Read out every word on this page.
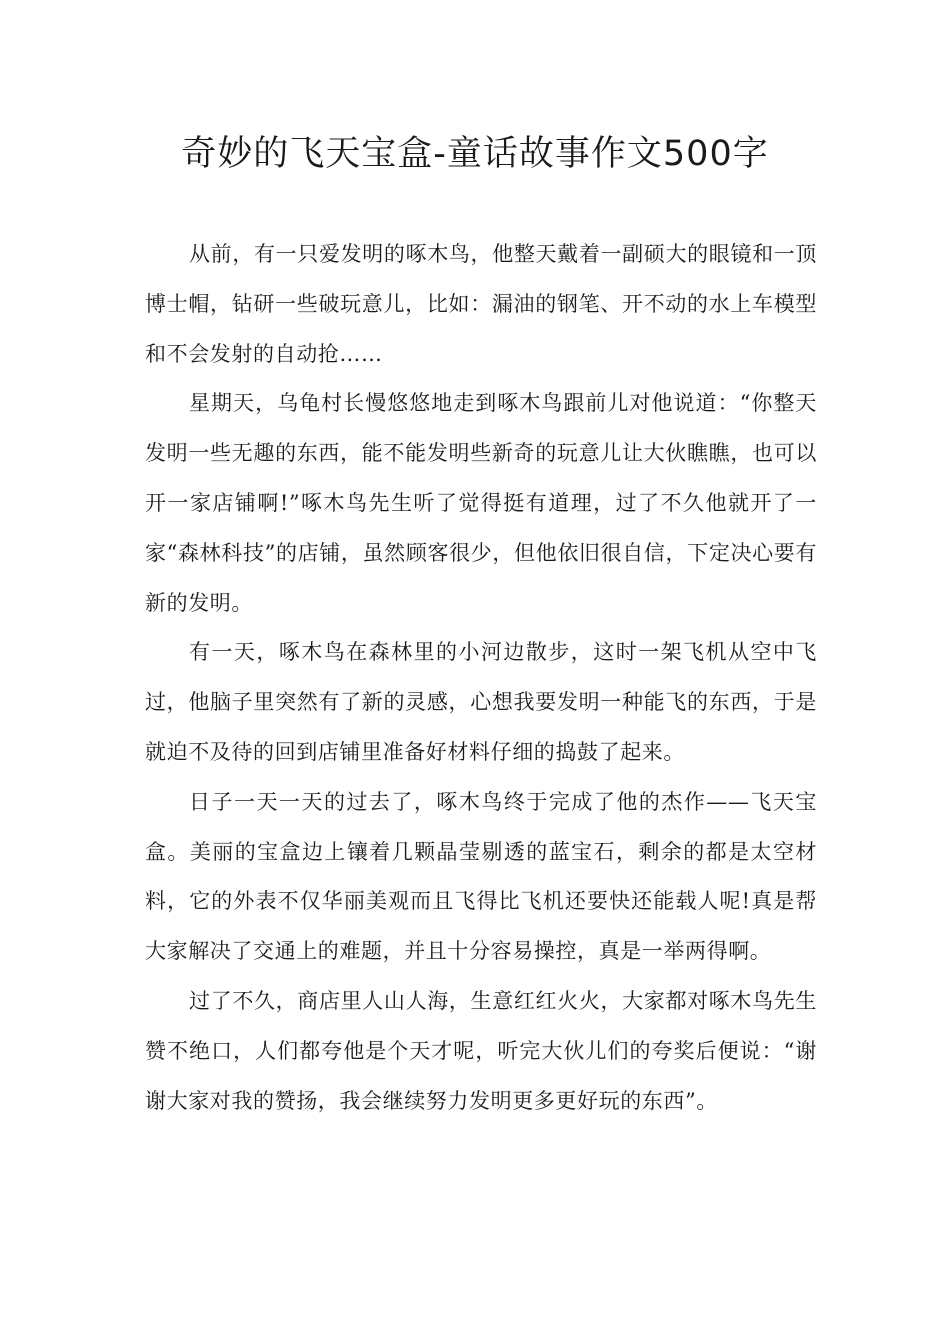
奇妙的飞天宝盒-童话故事作文500字

从前，有一只爱发明的啄木鸟，他整天戴着一副硕大的眼镜和一顶博士帽，钻研一些破玩意儿，比如：漏油的钢笔、开不动的水上车模型和不会发射的自动抢……

星期天，乌龟村长慢悠悠地走到啄木鸟跟前儿对他说道：“你整天发明一些无趣的东西，能不能发明些新奇的玩意儿让大伙瞧瞧，也可以开一家店铺啊!”啄木鸟先生听了觉得挺有道理，过了不久他就开了一家“森林科技”的店铺，虽然顾客很少，但他依旧很自信，下定决心要有新的发明。

有一天，啄木鸟在森林里的小河边散步，这时一架飞机从空中飞过，他脑子里突然有了新的灵感，心想我要发明一种能飞的东西，于是就迫不及待的回到店铺里准备好材料仔细的捣鼓了起来。

日子一天一天的过去了，啄木鸟终于完成了他的杰作——飞天宝盒。美丽的宝盒边上镶着几颗晶莹剔透的蓝宝石，剩余的都是太空材料，它的外表不仅华丽美观而且飞得比飞机还要快还能载人呢!真是帮大家解决了交通上的难题，并且十分容易操控，真是一举两得啊。

过了不久，商店里人山人海，生意红红火火，大家都对啄木鸟先生赞不绝口，人们都夸他是个天才呢，听完大伙儿们的夸奖后便说：“谢谢大家对我的赞扬，我会继续努力发明更多更好玩的东西”。
